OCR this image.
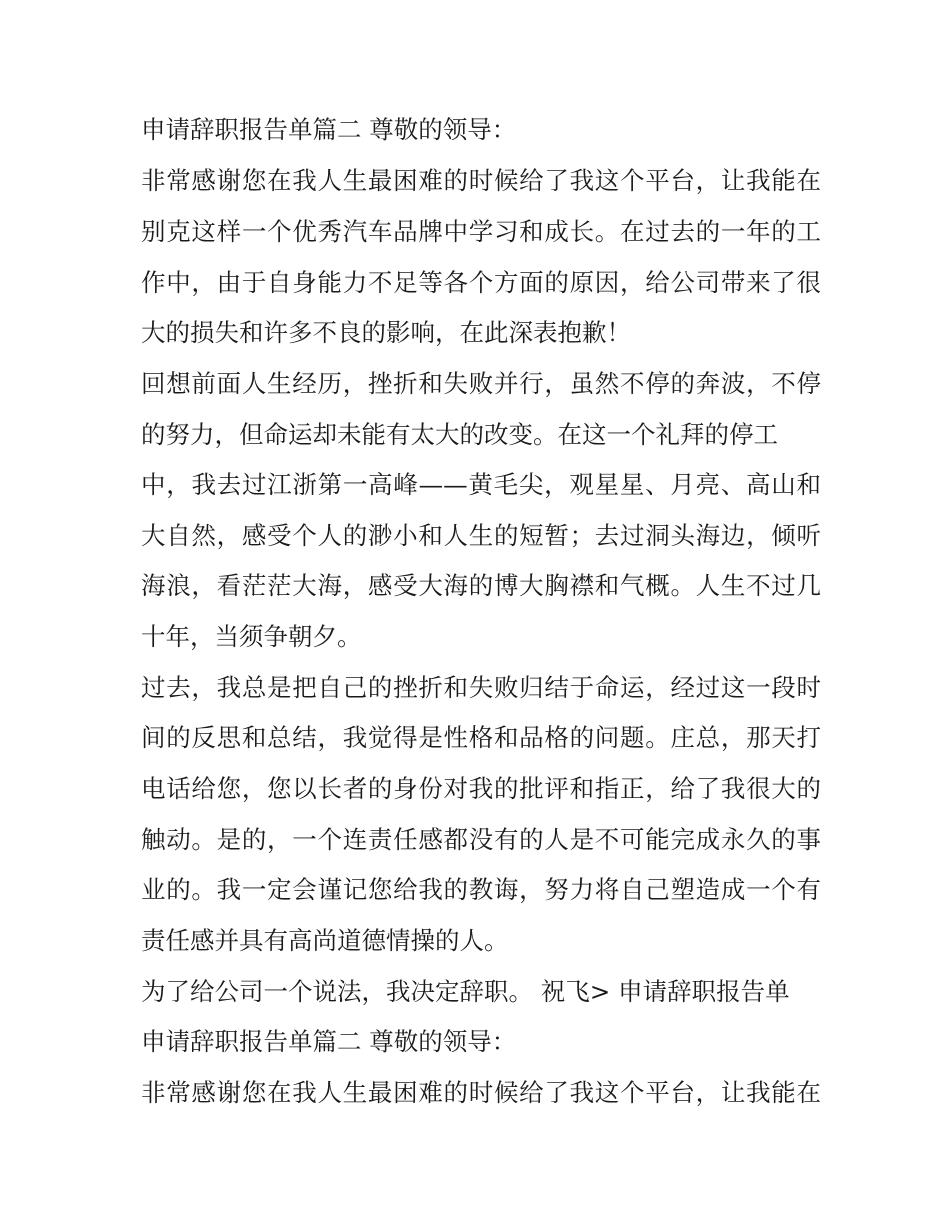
申请辞职报告单篇二 尊敬的领导：

非常感谢您在我人生最困难的时候给了我这个平台，让我能在

别克这样一个优秀汽车品牌中学习和成长。在过去的一年的工

作中，由于自身能力不足等各个方面的原因，给公司带来了很

大的损失和许多不良的影响，在此深表抱歉！

回想前面人生经历，挫折和失败并行，虽然不停的奔波，不停

的努力，但命运却未能有太大的改变。在这一个礼拜的停工

中，我去过江浙第一高峰——黄毛尖，观星星、月亮、高山和

大自然，感受个人的渺小和人生的短暂；去过洞头海边，倾听

海浪，看茫茫大海，感受大海的博大胸襟和气概。人生不过几

十年，当须争朝夕。

过去，我总是把自己的挫折和失败归结于命运，经过这一段时

间的反思和总结，我觉得是性格和品格的问题。庄总，那天打

电话给您，您以长者的身份对我的批评和指正，给了我很大的

触动。是的，一个连责任感都没有的人是不可能完成永久的事

业的。我一定会谨记您给我的教诲，努力将自己塑造成一个有

责任感并具有高尚道德情操的人。

为了给公司一个说法，我决定辞职。 祝飞> 申请辞职报告单

申请辞职报告单篇二 尊敬的领导：

非常感谢您在我人生最困难的时候给了我这个平台，让我能在
